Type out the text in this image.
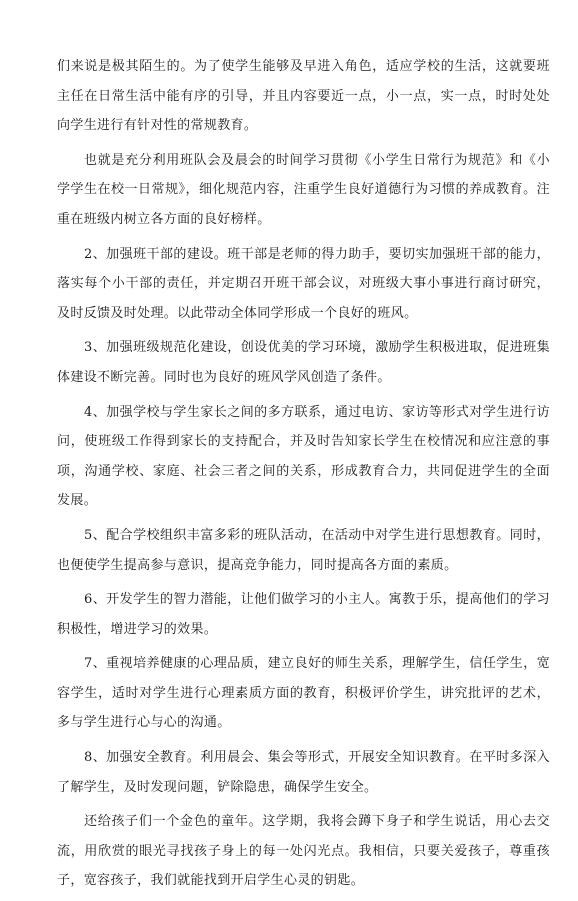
们来说是极其陌生的。为了使学生能够及早进入角色，适应学校的生活，这就要班主任在日常生活中能有序的引导，并且内容要近一点，小一点，实一点，时时处处向学生进行有针对性的常规教育。

也就是充分利用班队会及晨会的时间学习贯彻《小学生日常行为规范》和《小学学生在校一日常规》，细化规范内容，注重学生良好道德行为习惯的养成教育。注重在班级内树立各方面的良好榜样。

2、加强班干部的建设。班干部是老师的得力助手，要切实加强班干部的能力，落实每个小干部的责任，并定期召开班干部会议，对班级大事小事进行商讨研究，及时反馈及时处理。以此带动全体同学形成一个良好的班风。

3、加强班级规范化建设，创设优美的学习环境，激励学生积极进取，促进班集体建设不断完善。同时也为良好的班风学风创造了条件。

4、加强学校与学生家长之间的多方联系，通过电访、家访等形式对学生进行访问，使班级工作得到家长的支持配合，并及时告知家长学生在校情况和应注意的事项，沟通学校、家庭、社会三者之间的关系，形成教育合力，共同促进学生的全面发展。

5、配合学校组织丰富多彩的班队活动，在活动中对学生进行思想教育。同时，也便使学生提高参与意识，提高竞争能力，同时提高各方面的素质。

6、开发学生的智力潜能，让他们做学习的小主人。寓教于乐，提高他们的学习积极性，增进学习的效果。

7、重视培养健康的心理品质，建立良好的师生关系，理解学生，信任学生，宽容学生，适时对学生进行心理素质方面的教育，积极评价学生，讲究批评的艺术，多与学生进行心与心的沟通。

8、加强安全教育。利用晨会、集会等形式，开展安全知识教育。在平时多深入了解学生，及时发现问题，铲除隐患，确保学生安全。

还给孩子们一个金色的童年。这学期，我将会蹲下身子和学生说话，用心去交流，用欣赏的眼光寻找孩子身上的每一处闪光点。我相信，只要关爱孩子，尊重孩子，宽容孩子，我们就能找到开启学生心灵的钥匙。
